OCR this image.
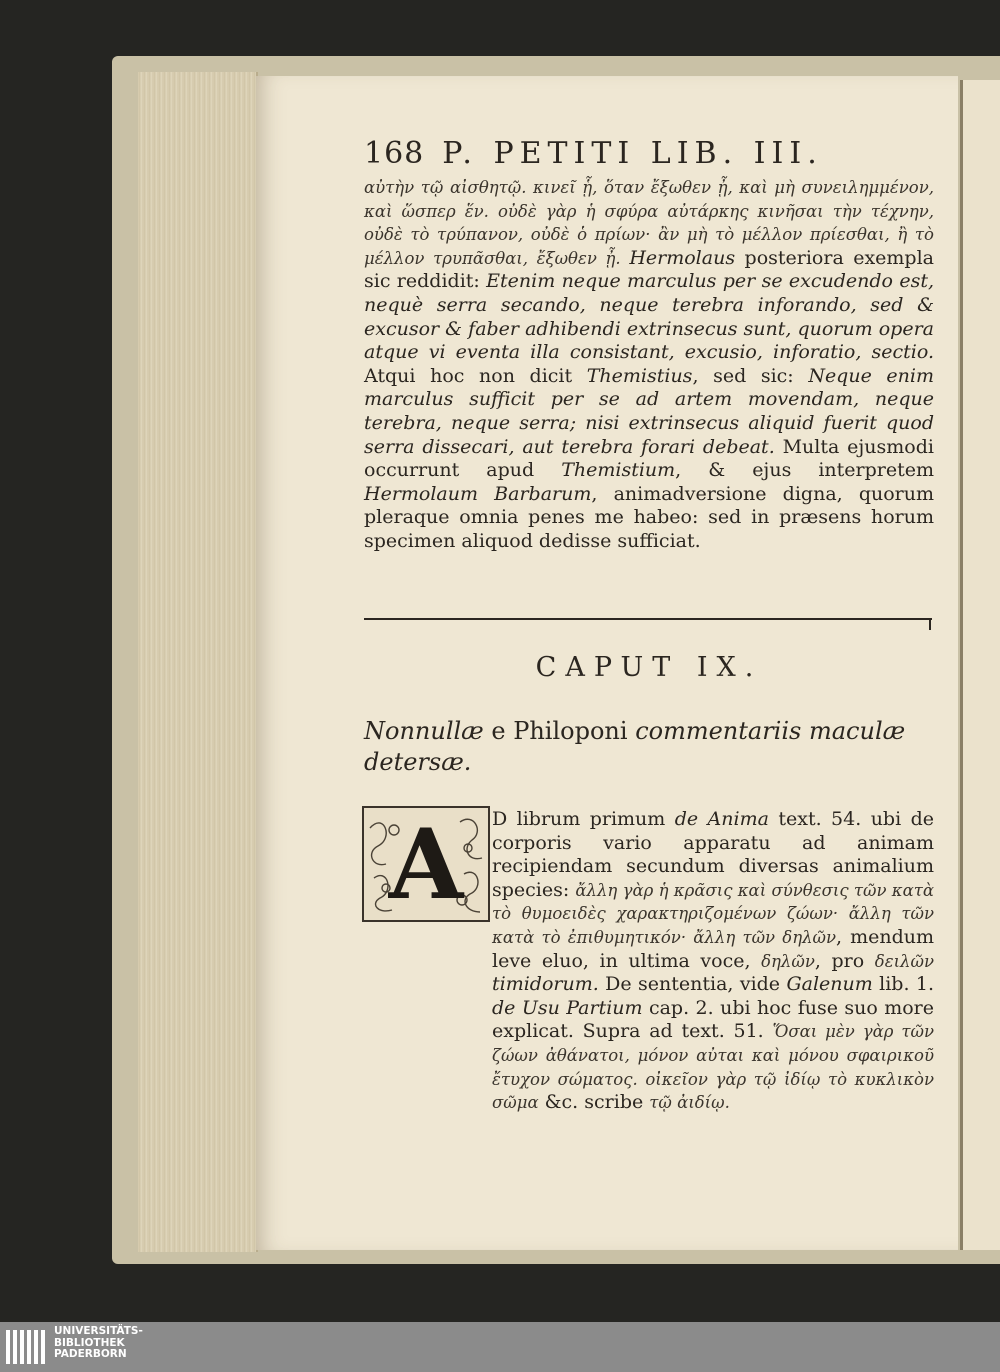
168 P. PETITI LIB. III.
αὐτὴν τῷ αἰσθητῷ. κινεῖ ᾗ, ὅταν ἔξωθεν ᾖ, καὶ μὴ συνειλημμένον, καὶ ὥσπερ ἕν. οὐδὲ γὰρ ἡ σφύρα αὐτάρκης κινῆσαι τὴν τέχνην, οὐδὲ τὸ τρύπανον, οὐδὲ ὁ πρίων· ἂν μὴ τὸ μέλλον πρίεσθαι, ἢ τὸ μέλλον τρυπᾶσθαι, ἔξωθεν ᾖ. Hermolaus posteriora exempla sic reddidit: Etenim neque marculus per se excudendo est, nequè serra secando, neque terebra inforando, sed & excusor & faber adhibendi extrinsecus sunt, quorum opera atque vi eventa illa consistant, excusio, inforatio, sectio. Atqui hoc non dicit Themistius, sed sic: Neque enim marculus sufficit per se ad artem movendam, neque terebra, neque serra; nisi extrinsecus aliquid fuerit quod serra dissecari, aut terebra forari debeat. Multa ejusmodi occurrunt apud Themistium, & ejus interpretem Hermolaum Barbarum, animadversione digna, quorum pleraque omnia penes me habeo: sed in præsens horum specimen aliquod dedisse sufficiat.
CAPUT IX.
Nonnullæ e Philoponi commentariis maculæ detersæ.
A	D librum primum de Anima text. 54. ubi de corporis vario apparatu ad animam recipiendam secundum diversas animalium species: ἄλλη γὰρ ἡ κρᾶσις καὶ σύνθεσις τῶν κατὰ τὸ θυμοειδὲς χαρακτηριζομένων ζώων· ἄλλη τῶν κατὰ τὸ ἐπιθυμητικόν· ἄλλη τῶν δηλῶν, mendum leve eluo, in ultima voce, δηλῶν, pro δειλῶν timidorum. De sententia, vide Galenum lib. 1. de Usu Partium cap. 2. ubi hoc fuse suo more explicat. Supra ad text. 51. Ὅσαι μὲν γὰρ τῶν ζώων ἀθάνατοι, μόνον αὐται καὶ μόνου σφαιρικοῦ ἔτυχον σώματος. οἰκεῖον γὰρ τῷ ἰδίῳ τὸ κυκλικὸν σῶμα &c. scribe τῷ ἀιδίῳ.
UNIVERSITÄTS-
BIBLIOTHEK
PADERBORN
